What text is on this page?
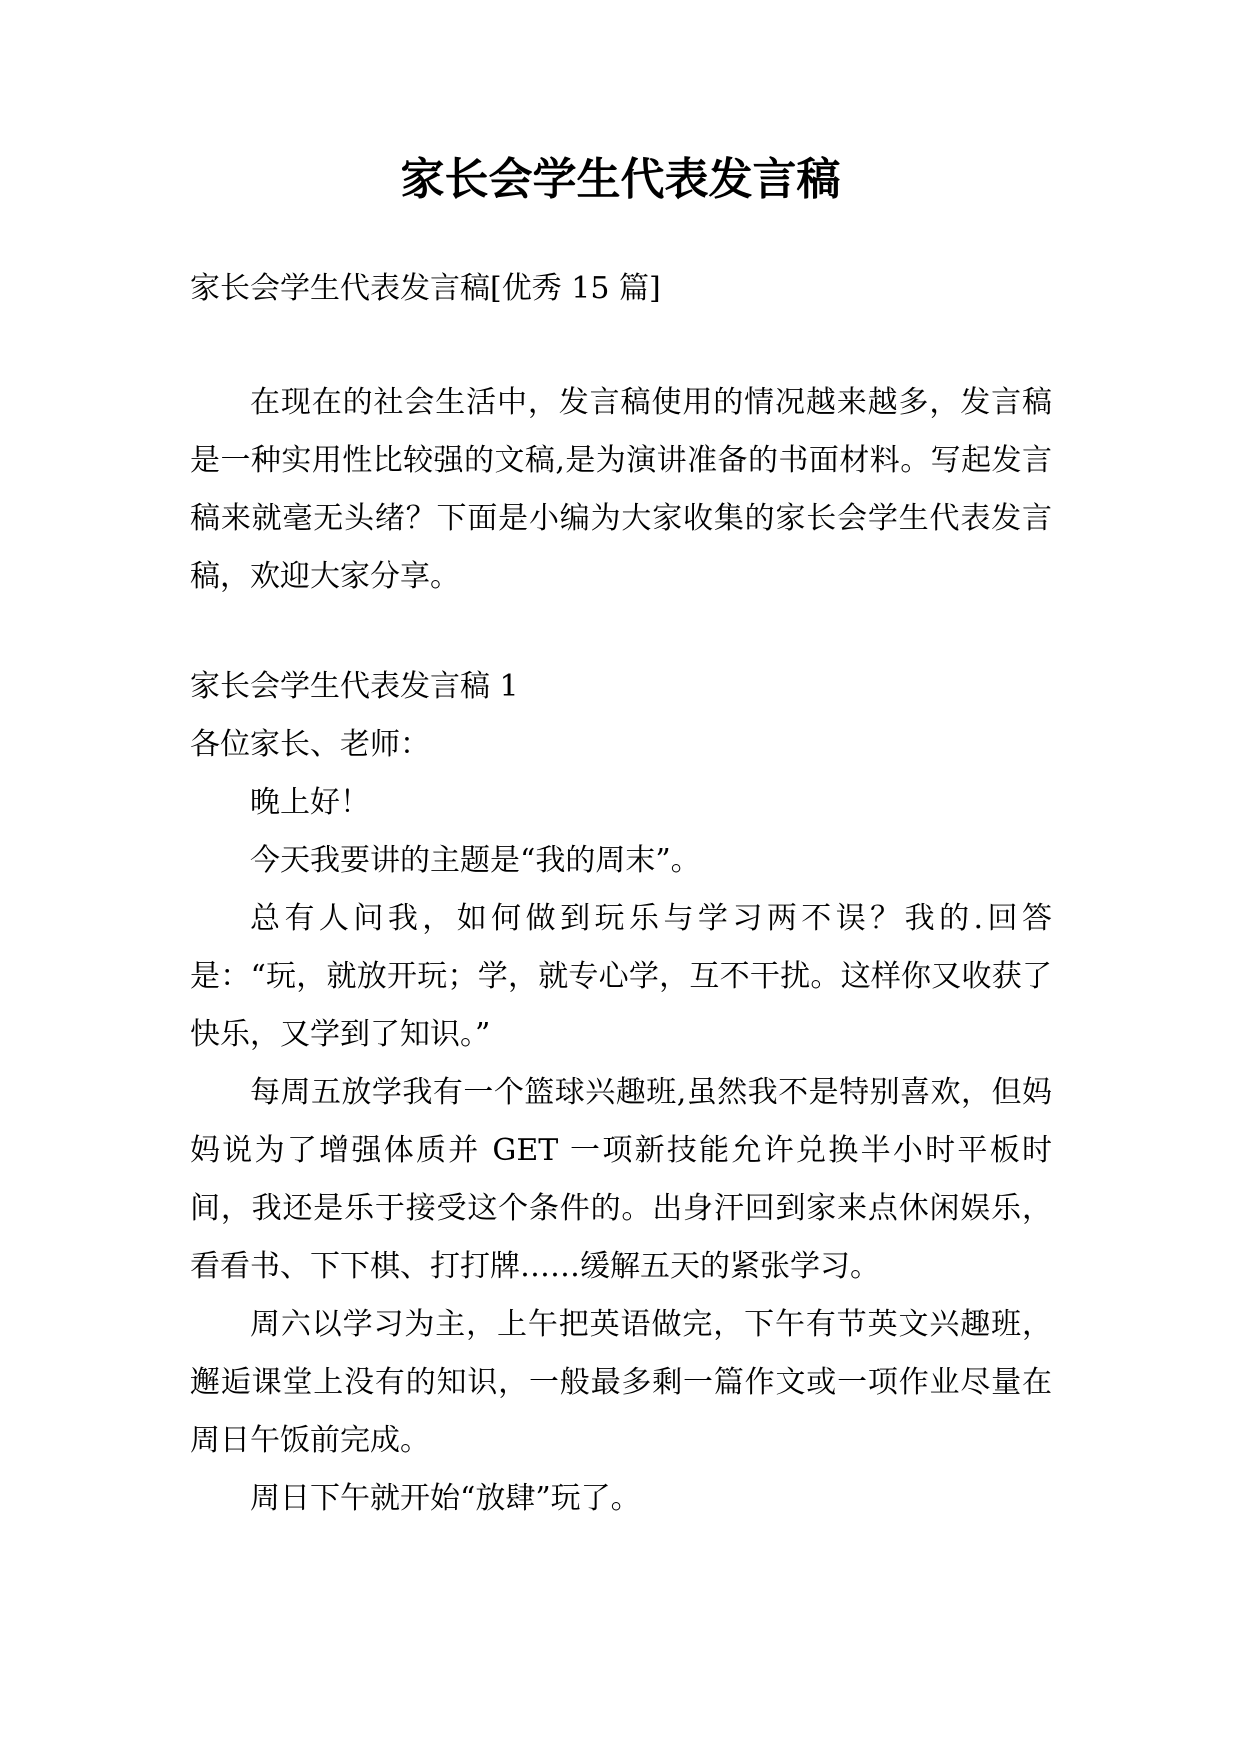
家长会学生代表发言稿

家长会学生代表发言稿[优秀 15 篇]

在现在的社会生活中，发言稿使用的情况越来越多，发言稿是一种实用性比较强的文稿,是为演讲准备的书面材料。写起发言稿来就毫无头绪？下面是小编为大家收集的家长会学生代表发言稿，欢迎大家分享。

家长会学生代表发言稿 1

各位家长、老师：

晚上好！

今天我要讲的主题是“我的周末”。

总有人问我，如何做到玩乐与学习两不误？我的.回答是：“玩，就放开玩；学，就专心学，互不干扰。这样你又收获了快乐，又学到了知识。”

每周五放学我有一个篮球兴趣班,虽然我不是特别喜欢，但妈妈说为了增强体质并 GET 一项新技能允许兑换半小时平板时间，我还是乐于接受这个条件的。出身汗回到家来点休闲娱乐，看看书、下下棋、打打牌……缓解五天的紧张学习。

周六以学习为主，上午把英语做完，下午有节英文兴趣班，邂逅课堂上没有的知识，一般最多剩一篇作文或一项作业尽量在周日午饭前完成。

周日下午就开始“放肆”玩了。
